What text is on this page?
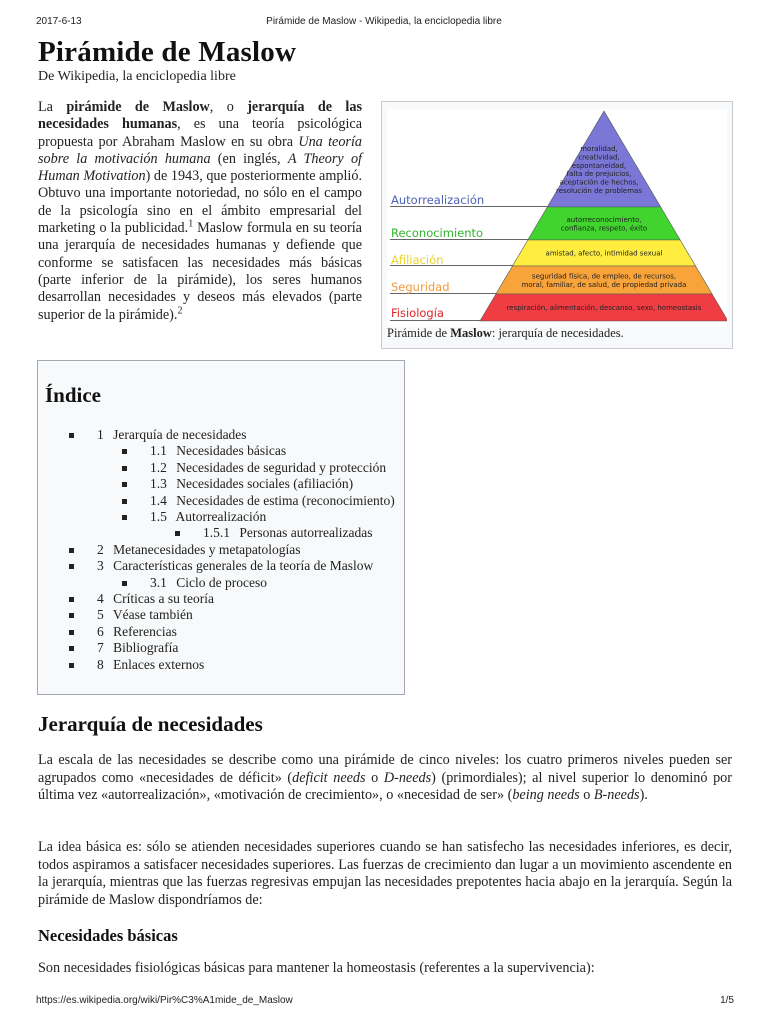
2017-6-13	Pirámide de Maslow - Wikipedia, la enciclopedia libre
Pirámide de Maslow
De Wikipedia, la enciclopedia libre

La pirámide de Maslow, o jerarquía de las necesidades humanas, es una teoría psicológica propuesta por Abraham Maslow en su obra Una teoría sobre la motivación humana (en inglés, A Theory of Human Motivation) de 1943, que posteriormente amplió. Obtuvo una importante notoriedad, no sólo en el campo de la psicología sino en el ámbito empresarial del marketing o la publicidad.$^1$ Maslow formula en su teoría una jerarquía de necesidades humanas y defiende que conforme se satisfacen las necesidades más básicas (parte inferior de la pirámide), los seres humanos desarrollan necesidades y deseos más elevados (parte superior de la pirámide).$^2$

Autorrealización
moralidad,
creatividad,
espontaneidad,
falta de prejuicios,
aceptación de hechos,
resolución de problemas
Reconocimiento
autorreconocimiento,
confianza, respeto, éxito
Afiliación	amistad, afecto, intimidad sexual
Seguridad
seguridad física, de empleo, de recursos,
moral, familiar, de salud, de propiedad privada
Fisiología	respiración, alimentación, descanso, sexo, homeostasis
Pirámide de Maslow: jerarquía de necesidades.
Índice
1 Jerarquía de necesidades
1.1 Necesidades básicas
1.2 Necesidades de seguridad y protección
1.3 Necesidades sociales (afiliación)
1.4 Necesidades de estima (reconocimiento)
1.5 Autorrealización
1.5.1 Personas autorrealizadas
2 Metanecesidades y metapatologías
3 Características generales de la teoría de Maslow
3.1 Ciclo de proceso
4 Críticas a su teoría
5 Véase también
6 Referencias
7 Bibliografía
8 Enlaces externos
Jerarquía de necesidades

La escala de las necesidades se describe como una pirámide de cinco niveles: los cuatro primeros niveles pueden ser agrupados como «necesidades de déficit» (deficit needs o D-needs) (primordiales); al nivel superior lo denominó por última vez «autorrealización», «motivación de crecimiento», o «necesidad de ser» (being needs o B-needs).

La idea básica es: sólo se atienden necesidades superiores cuando se han satisfecho las necesidades inferiores, es decir, todos aspiramos a satisfacer necesidades superiores. Las fuerzas de crecimiento dan lugar a un movimiento ascendente en la jerarquía, mientras que las fuerzas regresivas empujan las necesidades prepotentes hacia abajo en la jerarquía. Según la pirámide de Maslow dispondríamos de:

Necesidades básicas

Son necesidades fisiológicas básicas para mantener la homeostasis (referentes a la supervivencia):

https://es.wikipedia.org/wiki/Pir%C3%A1mide_de_Maslow	1/5
